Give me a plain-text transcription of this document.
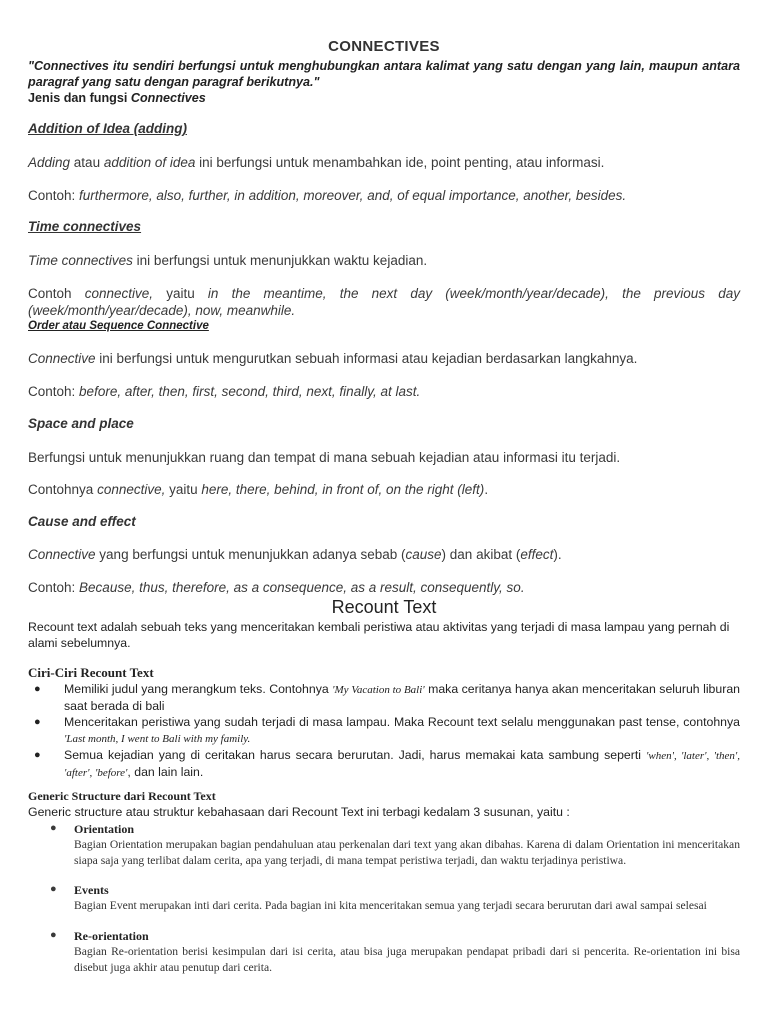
CONNECTIVES
"Connectives itu sendiri berfungsi untuk menghubungkan antara kalimat yang satu dengan yang lain, maupun antara paragraf yang satu dengan paragraf berikutnya."
Jenis dan fungsi Connectives
Addition of Idea (adding)
Adding atau addition of idea ini berfungsi untuk menambahkan ide, point penting, atau informasi.
Contoh: furthermore, also, further, in addition, moreover, and, of equal importance, another, besides.
Time connectives
Time connectives ini berfungsi untuk menunjukkan waktu kejadian.
Contoh connective, yaitu in the meantime, the next day (week/month/year/decade), the previous day (week/month/year/decade), now, meanwhile.
Order atau Sequence Connective
Connective ini berfungsi untuk mengurutkan sebuah informasi atau kejadian berdasarkan langkahnya.
Contoh: before, after, then, first, second, third, next, finally, at last.
Space and place
Berfungsi untuk menunjukkan ruang dan tempat di mana sebuah kejadian atau informasi itu terjadi.
Contohnya connective, yaitu here, there, behind, in front of, on the right (left).
Cause and effect
Connective yang berfungsi untuk menunjukkan adanya sebab (cause) dan akibat (effect).
Contoh: Because, thus, therefore, as a consequence, as a result, consequently, so.
Recount Text
Recount text adalah sebuah teks yang menceritakan kembali peristiwa atau aktivitas yang terjadi di masa lampau yang pernah di alami sebelumnya.
Ciri-Ciri Recount Text
● Memiliki judul yang merangkum teks. Contohnya 'My Vacation to Bali' maka ceritanya hanya akan menceritakan seluruh liburan saat berada di bali
● Menceritakan peristiwa yang sudah terjadi di masa lampau. Maka Recount text selalu menggunakan past tense, contohnya 'Last month, I went to Bali with my family.
● Semua kejadian yang di ceritakan harus secara berurutan. Jadi, harus memakai kata sambung seperti 'when', 'later', 'then', 'after', 'before', dan lain lain.
Generic Structure dari Recount Text
Generic structure atau struktur kebahasaan dari Recount Text ini terbagi kedalam 3 susunan, yaitu :
● Orientation
Bagian Orientation merupakan bagian pendahuluan atau perkenalan dari text yang akan dibahas. Karena di dalam Orientation ini menceritakan siapa saja yang terlibat dalam cerita, apa yang terjadi, di mana tempat peristiwa terjadi, dan waktu terjadinya peristiwa.
● Events
Bagian Event merupakan inti dari cerita. Pada bagian ini kita menceritakan semua yang terjadi secara berurutan dari awal sampai selesai
● Re-orientation
Bagian Re-orientation berisi kesimpulan dari isi cerita, atau bisa juga merupakan pendapat pribadi dari si pencerita. Re-orientation ini bisa disebut juga akhir atau penutup dari cerita.
